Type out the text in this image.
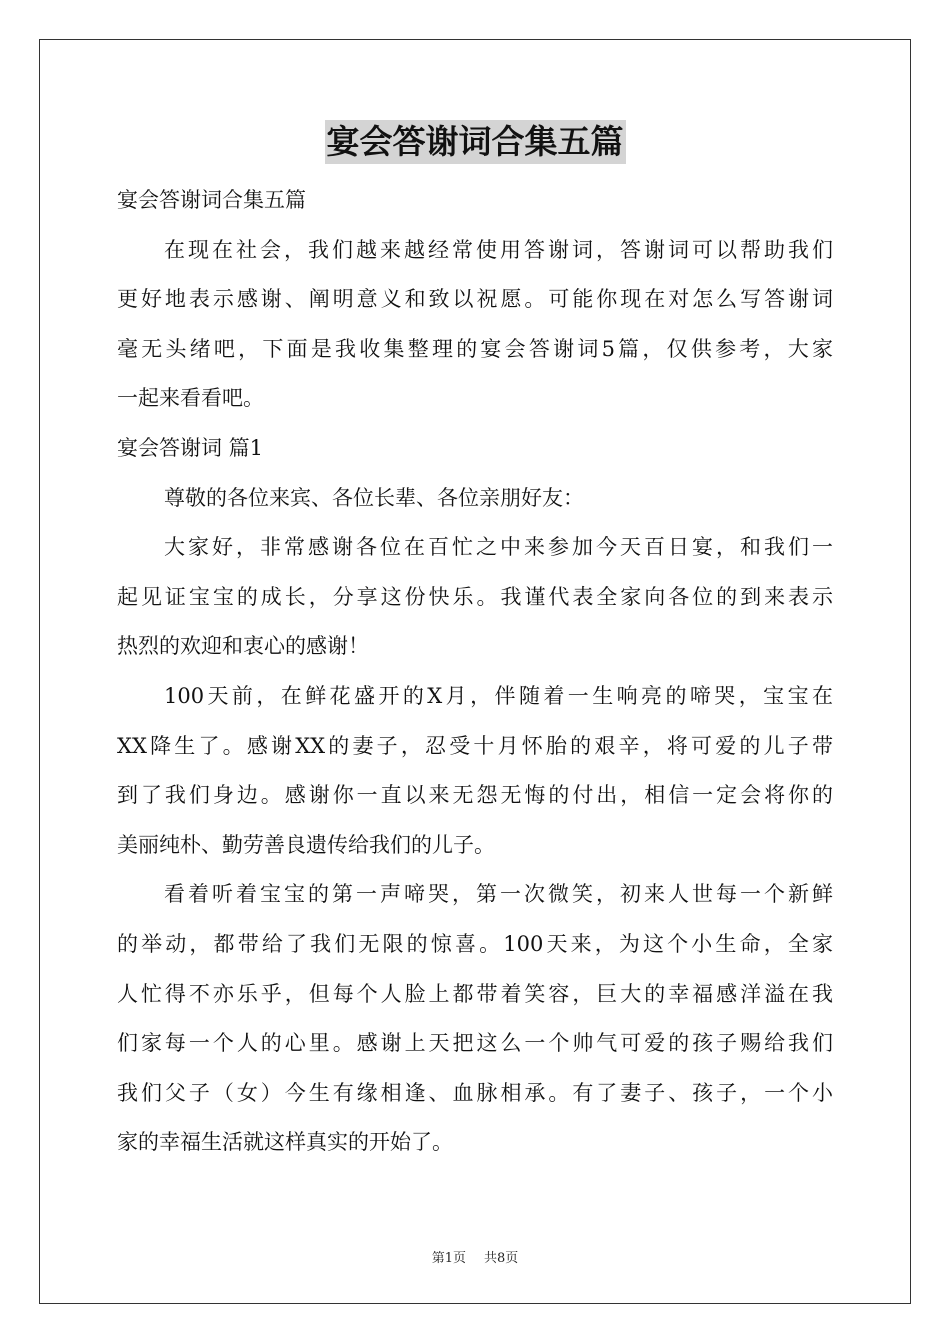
宴会答谢词合集五篇
宴会答谢词合集五篇
在现在社会，我们越来越经常使用答谢词，答谢词可以帮助我们
更好地表示感谢、阐明意义和致以祝愿。可能你现在对怎么写答谢词
毫无头绪吧，下面是我收集整理的宴会答谢词5篇，仅供参考，大家
一起来看看吧。
宴会答谢词 篇1
尊敬的各位来宾、各位长辈、各位亲朋好友：
大家好，非常感谢各位在百忙之中来参加今天百日宴，和我们一
起见证宝宝的成长，分享这份快乐。我谨代表全家向各位的到来表示
热烈的欢迎和衷心的感谢！
100天前，在鲜花盛开的X月，伴随着一生响亮的啼哭，宝宝在
XX降生了。感谢XX的妻子，忍受十月怀胎的艰辛，将可爱的儿子带
到了我们身边。感谢你一直以来无怨无悔的付出，相信一定会将你的
美丽纯朴、勤劳善良遗传给我们的儿子。
看着听着宝宝的第一声啼哭，第一次微笑，初来人世每一个新鲜
的举动，都带给了我们无限的惊喜。100天来，为这个小生命，全家
人忙得不亦乐乎，但每个人脸上都带着笑容，巨大的幸福感洋溢在我
们家每一个人的心里。感谢上天把这么一个帅气可爱的孩子赐给我们
我们父子（女）今生有缘相逢、血脉相承。有了妻子、孩子，一个小
家的幸福生活就这样真实的开始了。
第1页 共8页
